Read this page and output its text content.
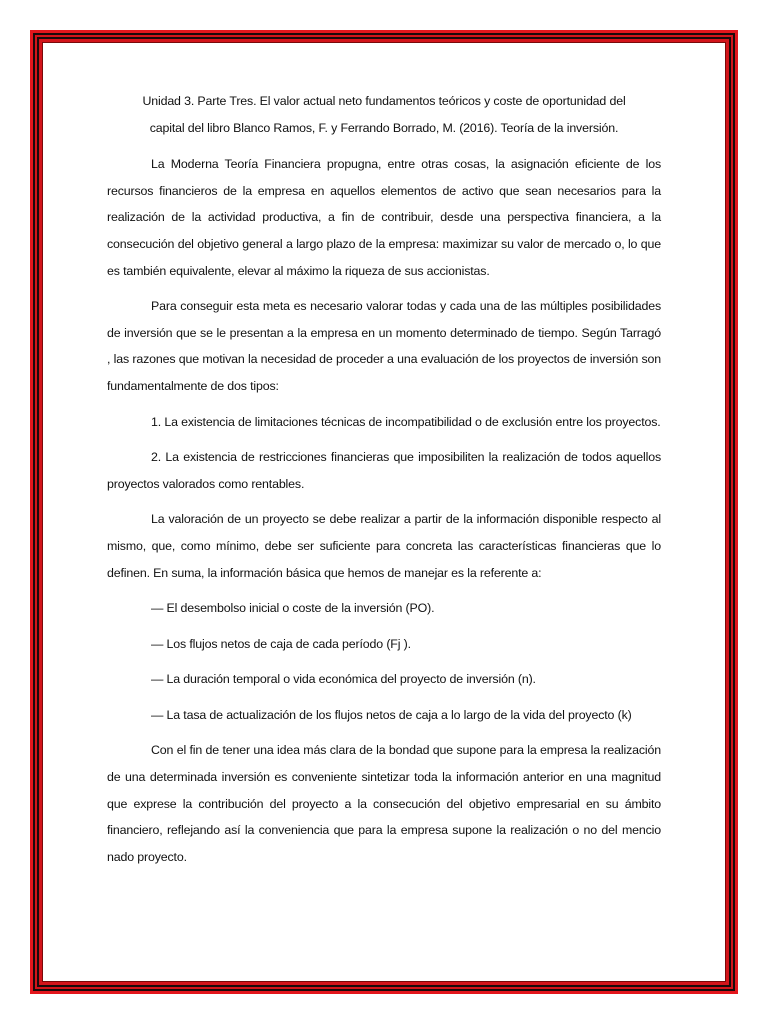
Unidad 3. Parte Tres. El valor actual neto fundamentos teóricos y coste de oportunidad del
capital del libro Blanco Ramos, F. y Ferrando Borrado, M. (2016). Teoría de la inversión.

La Moderna Teoría Financiera propugna, entre otras cosas, la asignación eficiente de los recursos financieros de la empresa en aquellos elementos de activo que sean necesarios para la realización de la actividad productiva, a fin de contribuir, desde una perspectiva financiera, a la consecución del objetivo general a largo plazo de la empresa: maximizar su valor de mercado o, lo que es también equivalente, elevar al máximo la riqueza de sus accionistas.

Para conseguir esta meta es necesario valorar todas y cada una de las múltiples posibilidades de inversión que se le presentan a la empresa en un momento determinado de tiempo. Según Tarragó , las razones que motivan la necesidad de proceder a una evaluación de los proyectos de inversión son fundamentalmente de dos tipos:

1. La existencia de limitaciones técnicas de incompatibilidad o de exclusión entre los proyectos.

2. La existencia de restricciones financieras que imposibiliten la realización de todos aquellos proyectos valorados como rentables.

La valoración de un proyecto se debe realizar a partir de la información disponible respecto al mismo, que, como mínimo, debe ser suficiente para concreta las características financieras que lo definen. En suma, la información básica que hemos de manejar es la referente a:

— El desembolso inicial o coste de la inversión (PO).

— Los flujos netos de caja de cada período (Fj ).

— La duración temporal o vida económica del proyecto de inversión (n).

— La tasa de actualización de los flujos netos de caja a lo largo de la vida del proyecto (k)

Con el fin de tener una idea más clara de la bondad que supone para la empresa la realización de una determinada inversión es conveniente sintetizar toda la información anterior en una magnitud que exprese la contribución del proyecto a la consecución del objetivo empresarial en su ámbito financiero, reflejando así la conveniencia que para la empresa supone la realización o no del mencio nado proyecto.
